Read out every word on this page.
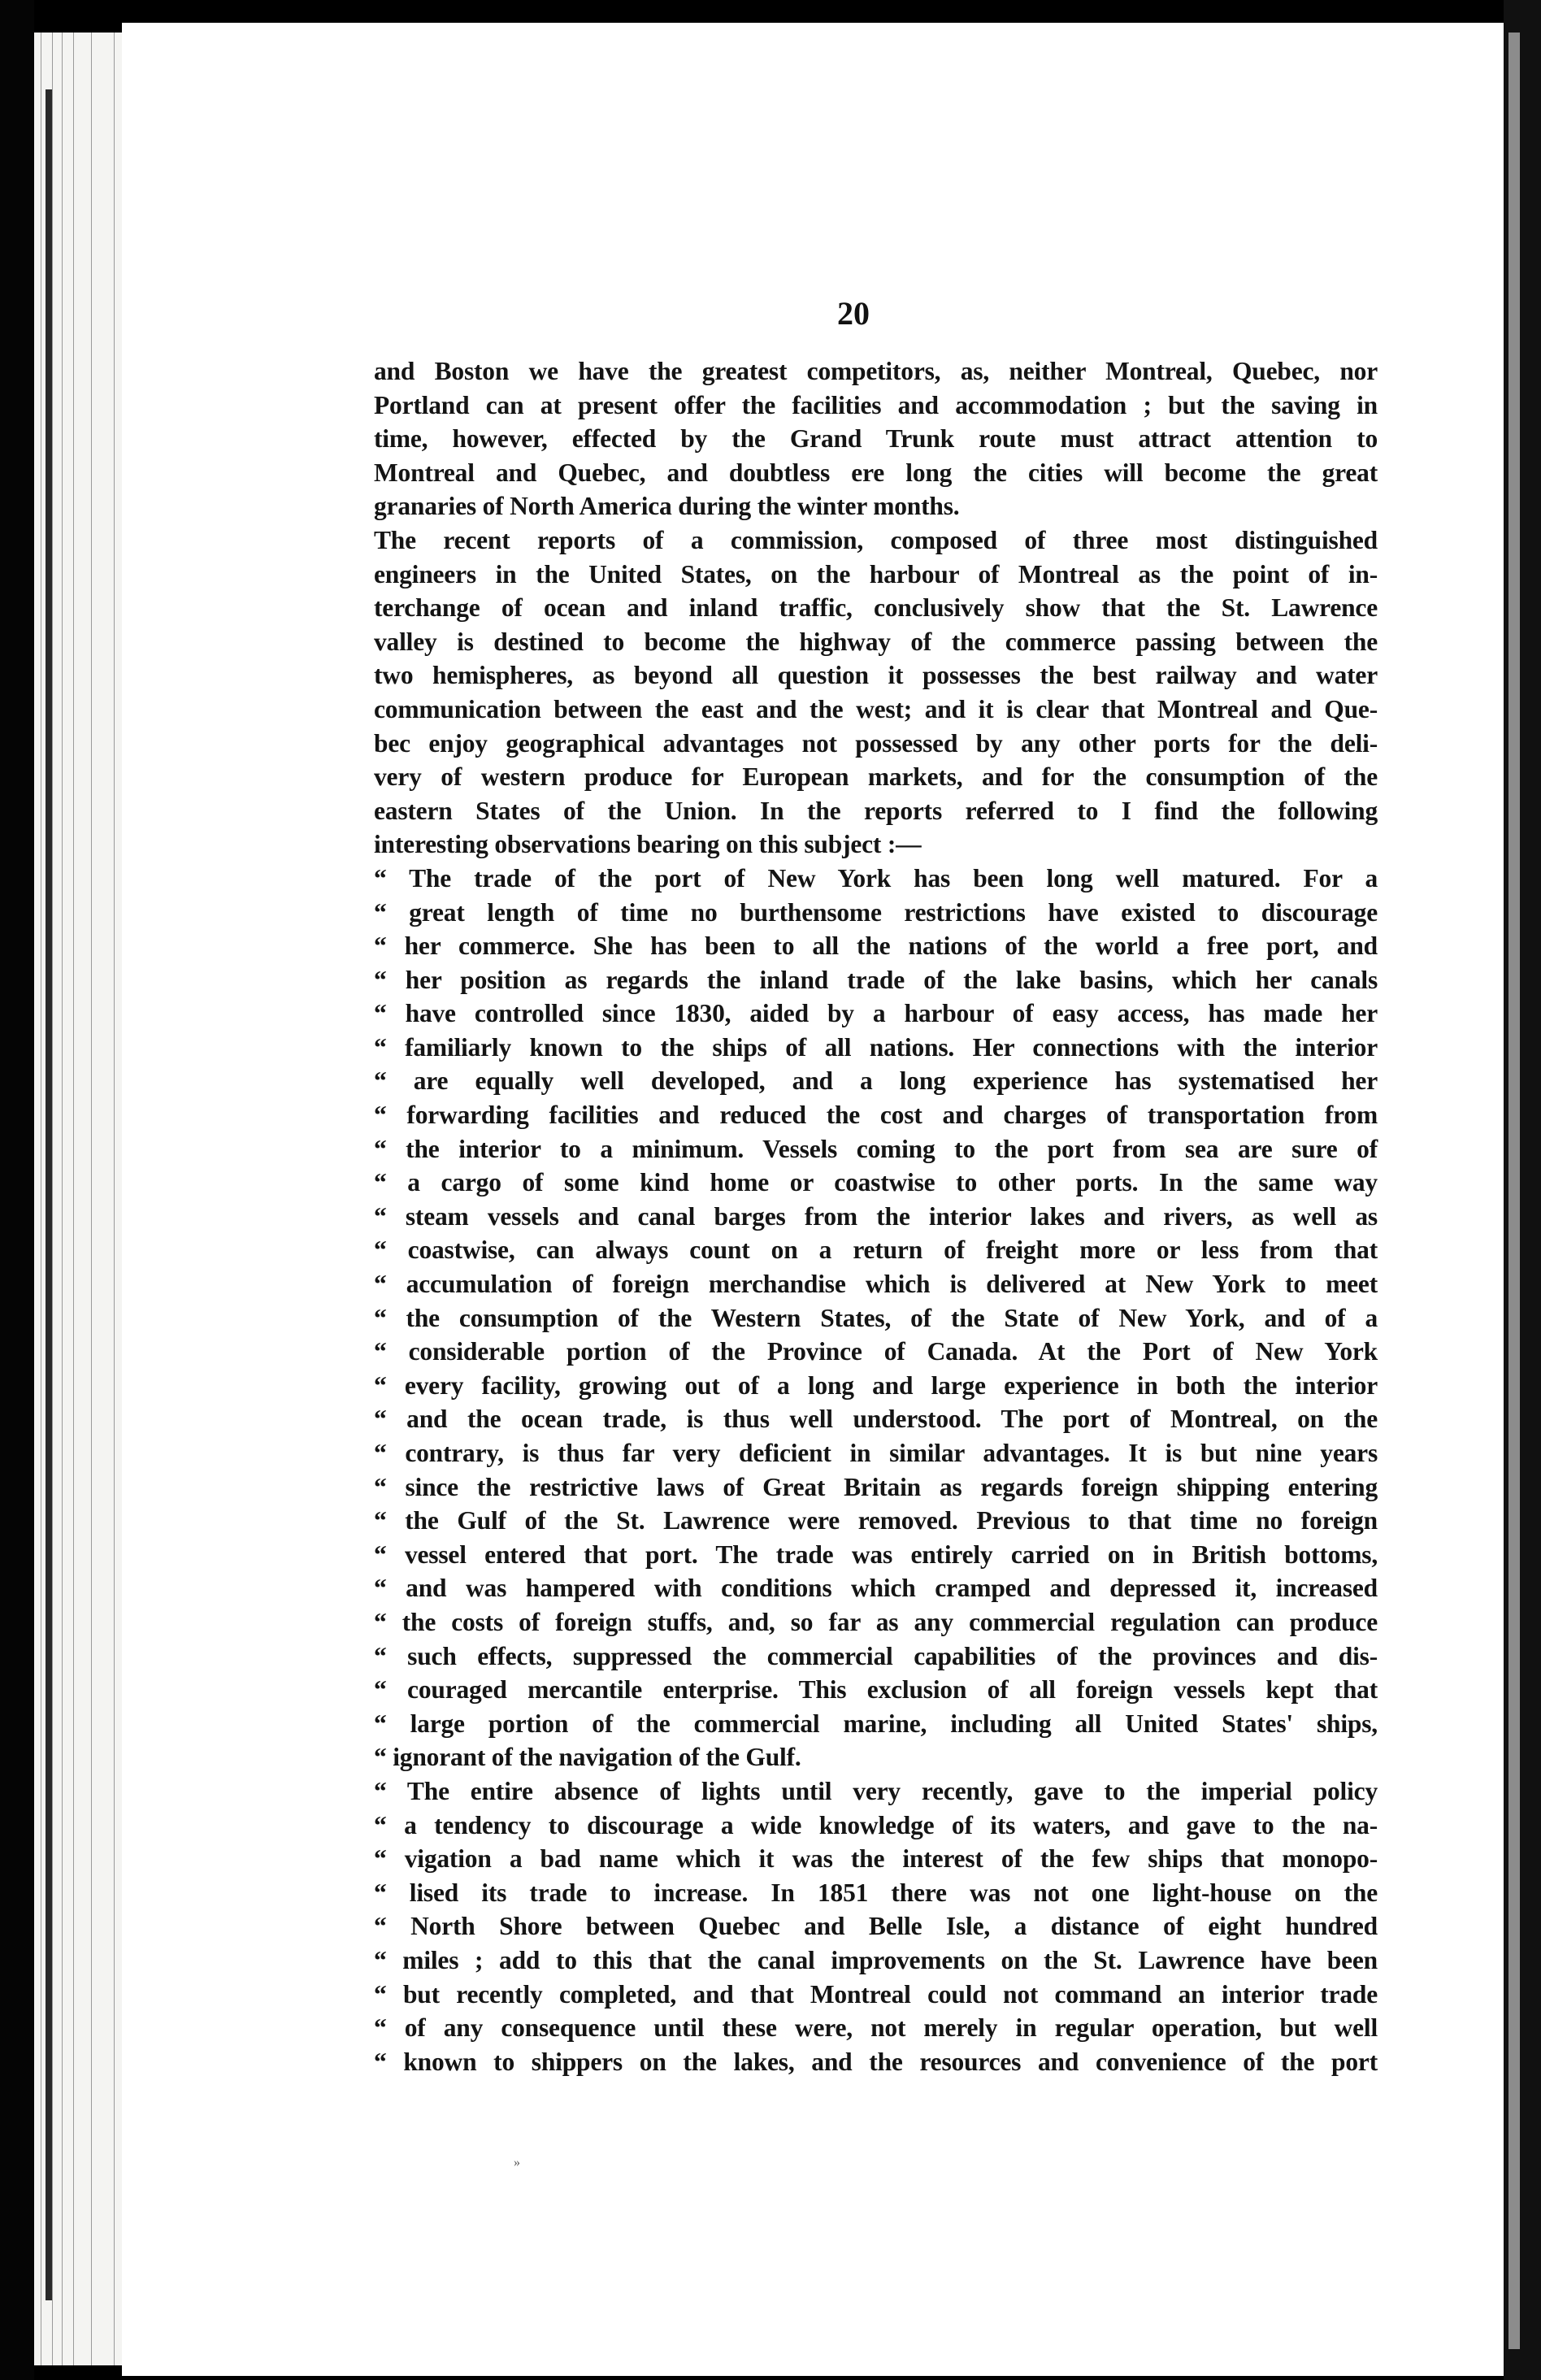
20
and Boston we have the greatest competitors, as, neither Montreal, Quebec, nor
Portland can at present offer the facilities and accommodation ; but the saving in
time, however, effected by the Grand Trunk route must attract attention to
Montreal and Quebec, and doubtless ere long the cities will become the great
granaries of North America during the winter months.
The recent reports of a commission, composed of three most distinguished
engineers in the United States, on the harbour of Montreal as the point of in-
terchange of ocean and inland traffic, conclusively show that the St. Lawrence
valley is destined to become the highway of the commerce passing between the
two hemispheres, as beyond all question it possesses the best railway and water
communication between the east and the west; and it is clear that Montreal and Que-
bec enjoy geographical advantages not possessed by any other ports for the deli-
very of western produce for European markets, and for the consumption of the
eastern States of the Union. In the reports referred to I find the following
interesting observations bearing on this subject :—
“ The trade of the port of New York has been long well matured. For a
“ great length of time no burthensome restrictions have existed to discourage
“ her commerce. She has been to all the nations of the world a free port, and
“ her position as regards the inland trade of the lake basins, which her canals
“ have controlled since 1830, aided by a harbour of easy access, has made her
“ familiarly known to the ships of all nations. Her connections with the interior
“ are equally well developed, and a long experience has systematised her
“ forwarding facilities and reduced the cost and charges of transportation from
“ the interior to a minimum. Vessels coming to the port from sea are sure of
“ a cargo of some kind home or coastwise to other ports. In the same way
“ steam vessels and canal barges from the interior lakes and rivers, as well as
“ coastwise, can always count on a return of freight more or less from that
“ accumulation of foreign merchandise which is delivered at New York to meet
“ the consumption of the Western States, of the State of New York, and of a
“ considerable portion of the Province of Canada. At the Port of New York
“ every facility, growing out of a long and large experience in both the interior
“ and the ocean trade, is thus well understood. The port of Montreal, on the
“ contrary, is thus far very deficient in similar advantages. It is but nine years
“ since the restrictive laws of Great Britain as regards foreign shipping entering
“ the Gulf of the St. Lawrence were removed. Previous to that time no foreign
“ vessel entered that port. The trade was entirely carried on in British bottoms,
“ and was hampered with conditions which cramped and depressed it, increased
“ the costs of foreign stuffs, and, so far as any commercial regulation can produce
“ such effects, suppressed the commercial capabilities of the provinces and dis-
“ couraged mercantile enterprise. This exclusion of all foreign vessels kept that
“ large portion of the commercial marine, including all United States' ships,
“ ignorant of the navigation of the Gulf.
“ The entire absence of lights until very recently, gave to the imperial policy
“ a tendency to discourage a wide knowledge of its waters, and gave to the na-
“ vigation a bad name which it was the interest of the few ships that monopo-
“ lised its trade to increase. In 1851 there was not one light-house on the
“ North Shore between Quebec and Belle Isle, a distance of eight hundred
“ miles ; add to this that the canal improvements on the St. Lawrence have been
“ but recently completed, and that Montreal could not command an interior trade
“ of any consequence until these were, not merely in regular operation, but well
“ known to shippers on the lakes, and the resources and convenience of the port
»
